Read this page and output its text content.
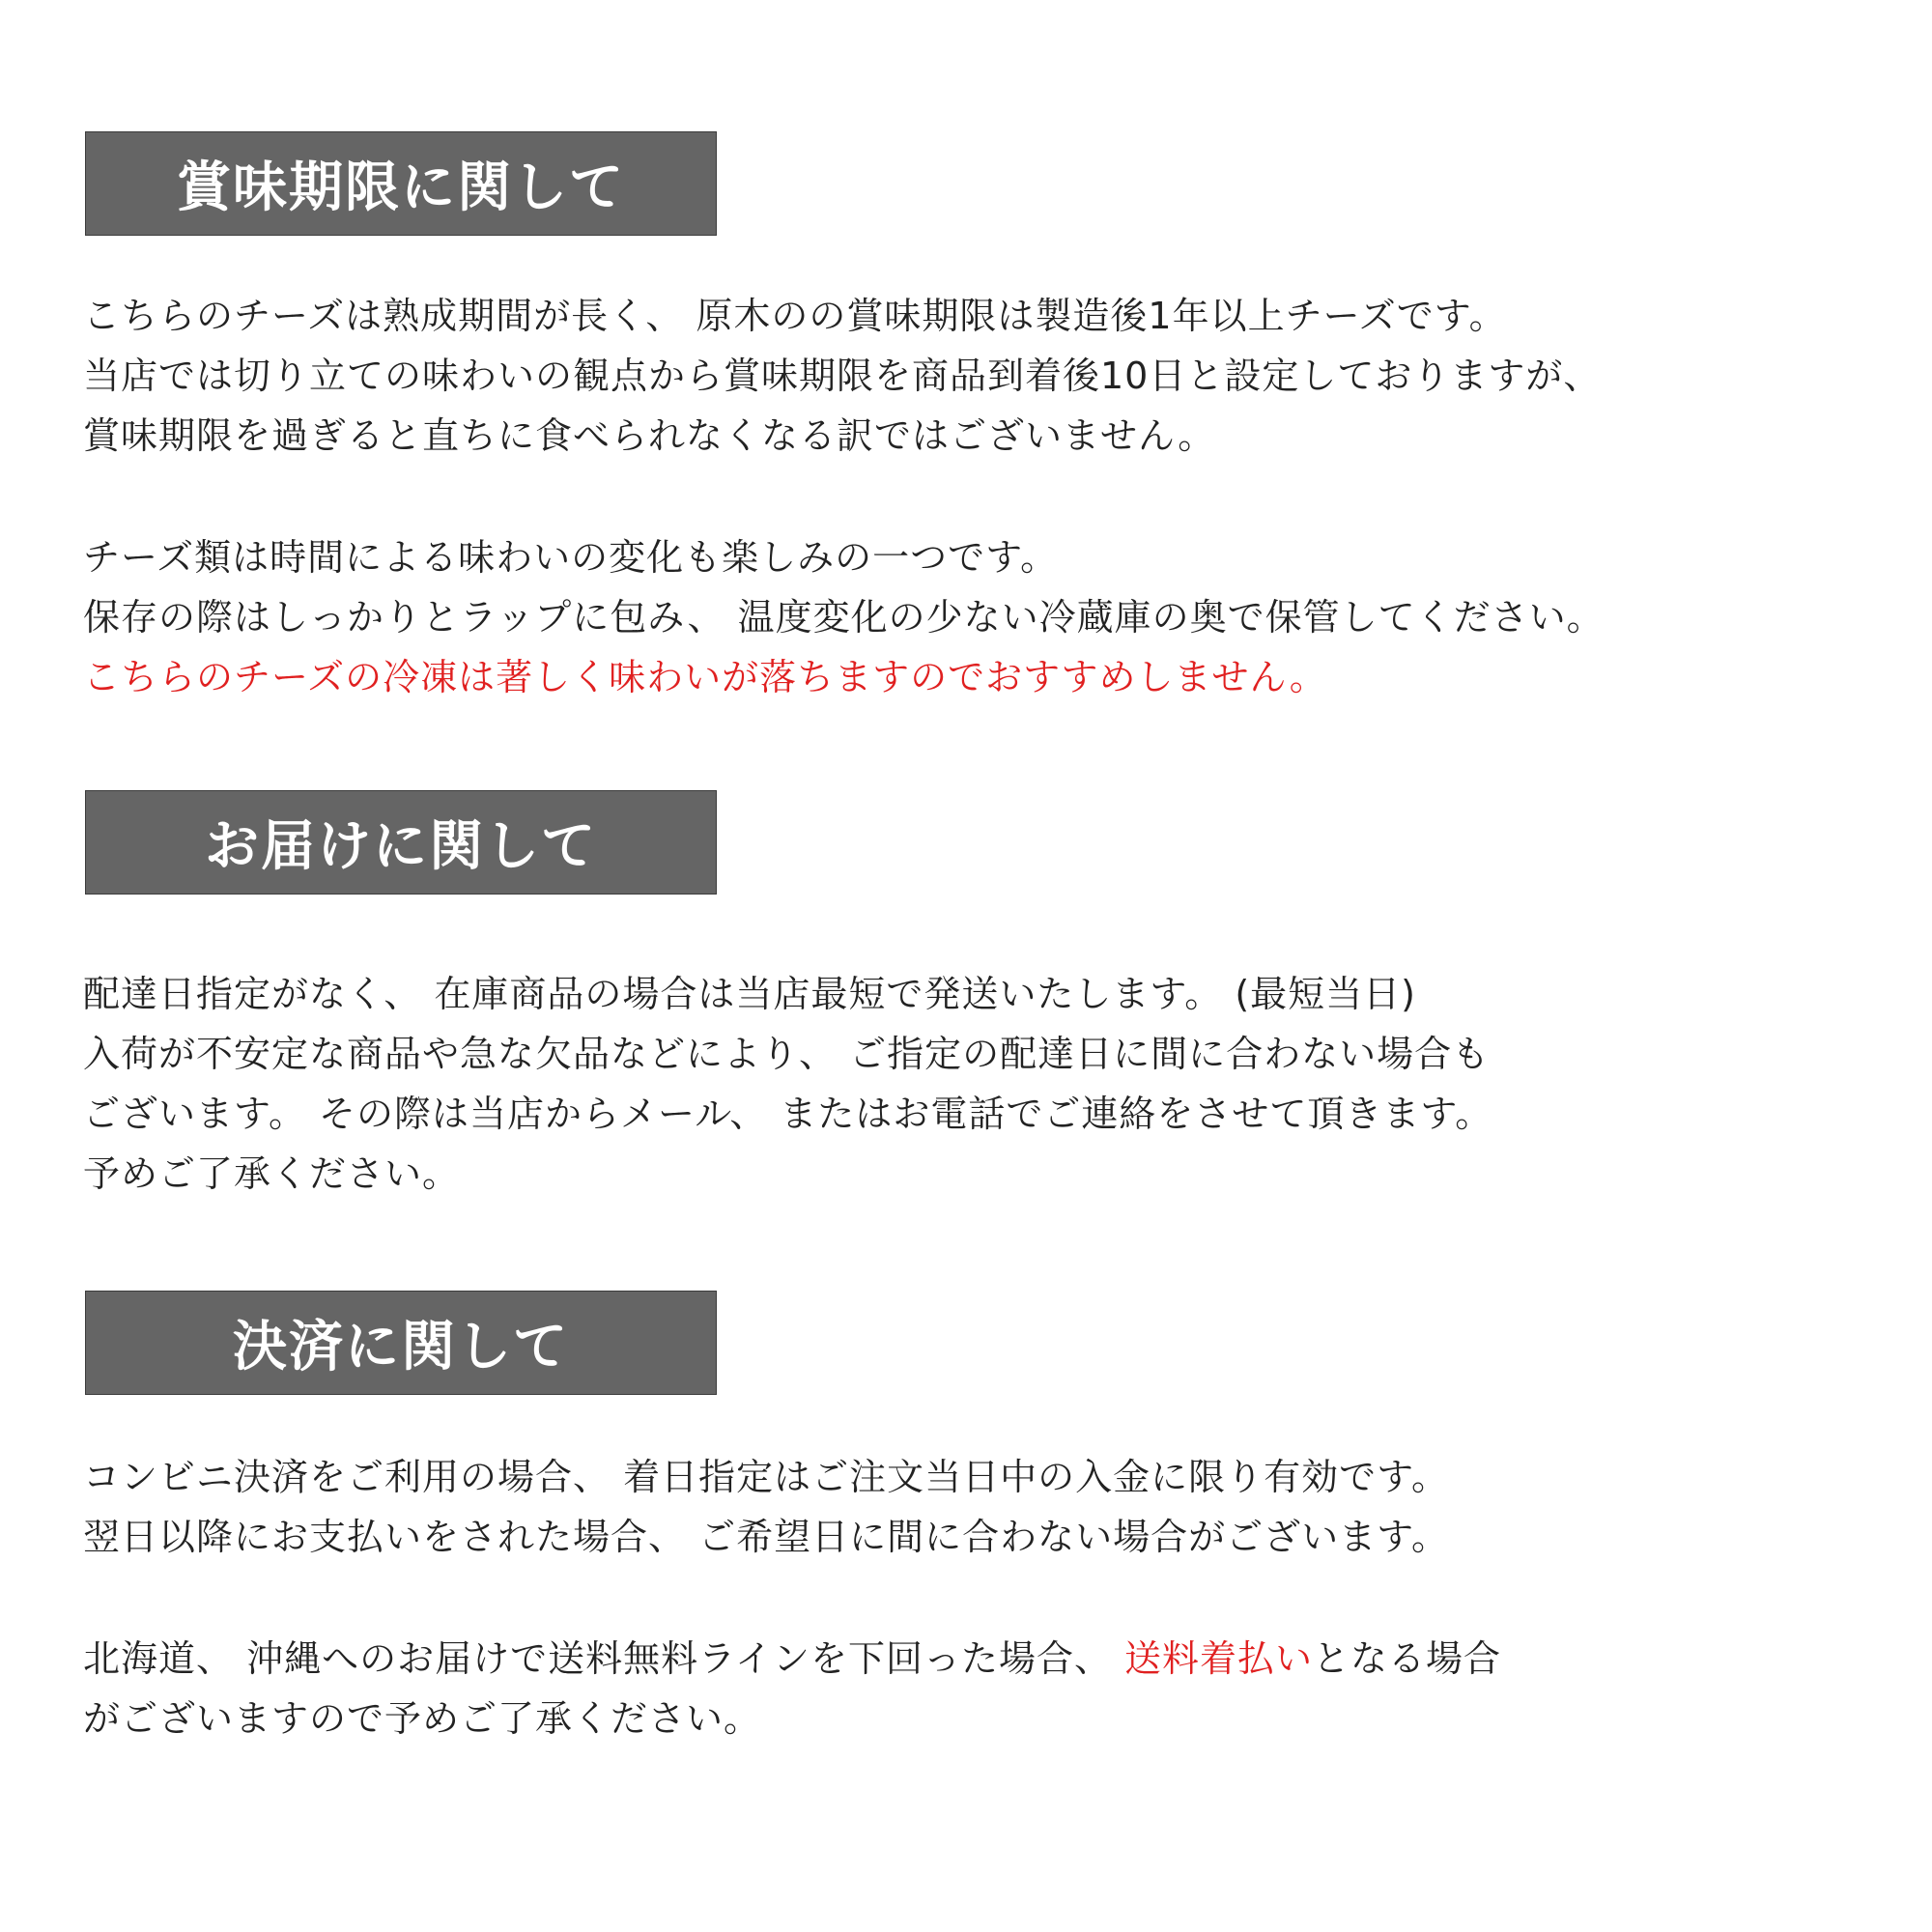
賞味期限に関して
こちらのチーズは熟成期間が長く、 原木のの賞味期限は製造後1年以上チーズです。
当店では切り立ての味わいの観点から賞味期限を商品到着後10日と設定しておりますが、
賞味期限を過ぎると直ちに食べられなくなる訳ではございません。
チーズ類は時間による味わいの変化も楽しみの一つです。
保存の際はしっかりとラップに包み、 温度変化の少ない冷蔵庫の奥で保管してください。
こちらのチーズの冷凍は著しく味わいが落ちますのでおすすめしません。
お届けに関して
配達日指定がなく、 在庫商品の場合は当店最短で発送いたします。 (最短当日)
入荷が不安定な商品や急な欠品などにより、 ご指定の配達日に間に合わない場合も
ございます。 その際は当店からメール、 またはお電話でご連絡をさせて頂きます。
予めご了承ください。
決済に関して
コンビニ決済をご利用の場合、 着日指定はご注文当日中の入金に限り有効です。
翌日以降にお支払いをされた場合、 ご希望日に間に合わない場合がございます。
北海道、 沖縄へのお届けで送料無料ラインを下回った場合、 送料着払いとなる場合
がございますので予めご了承ください。
